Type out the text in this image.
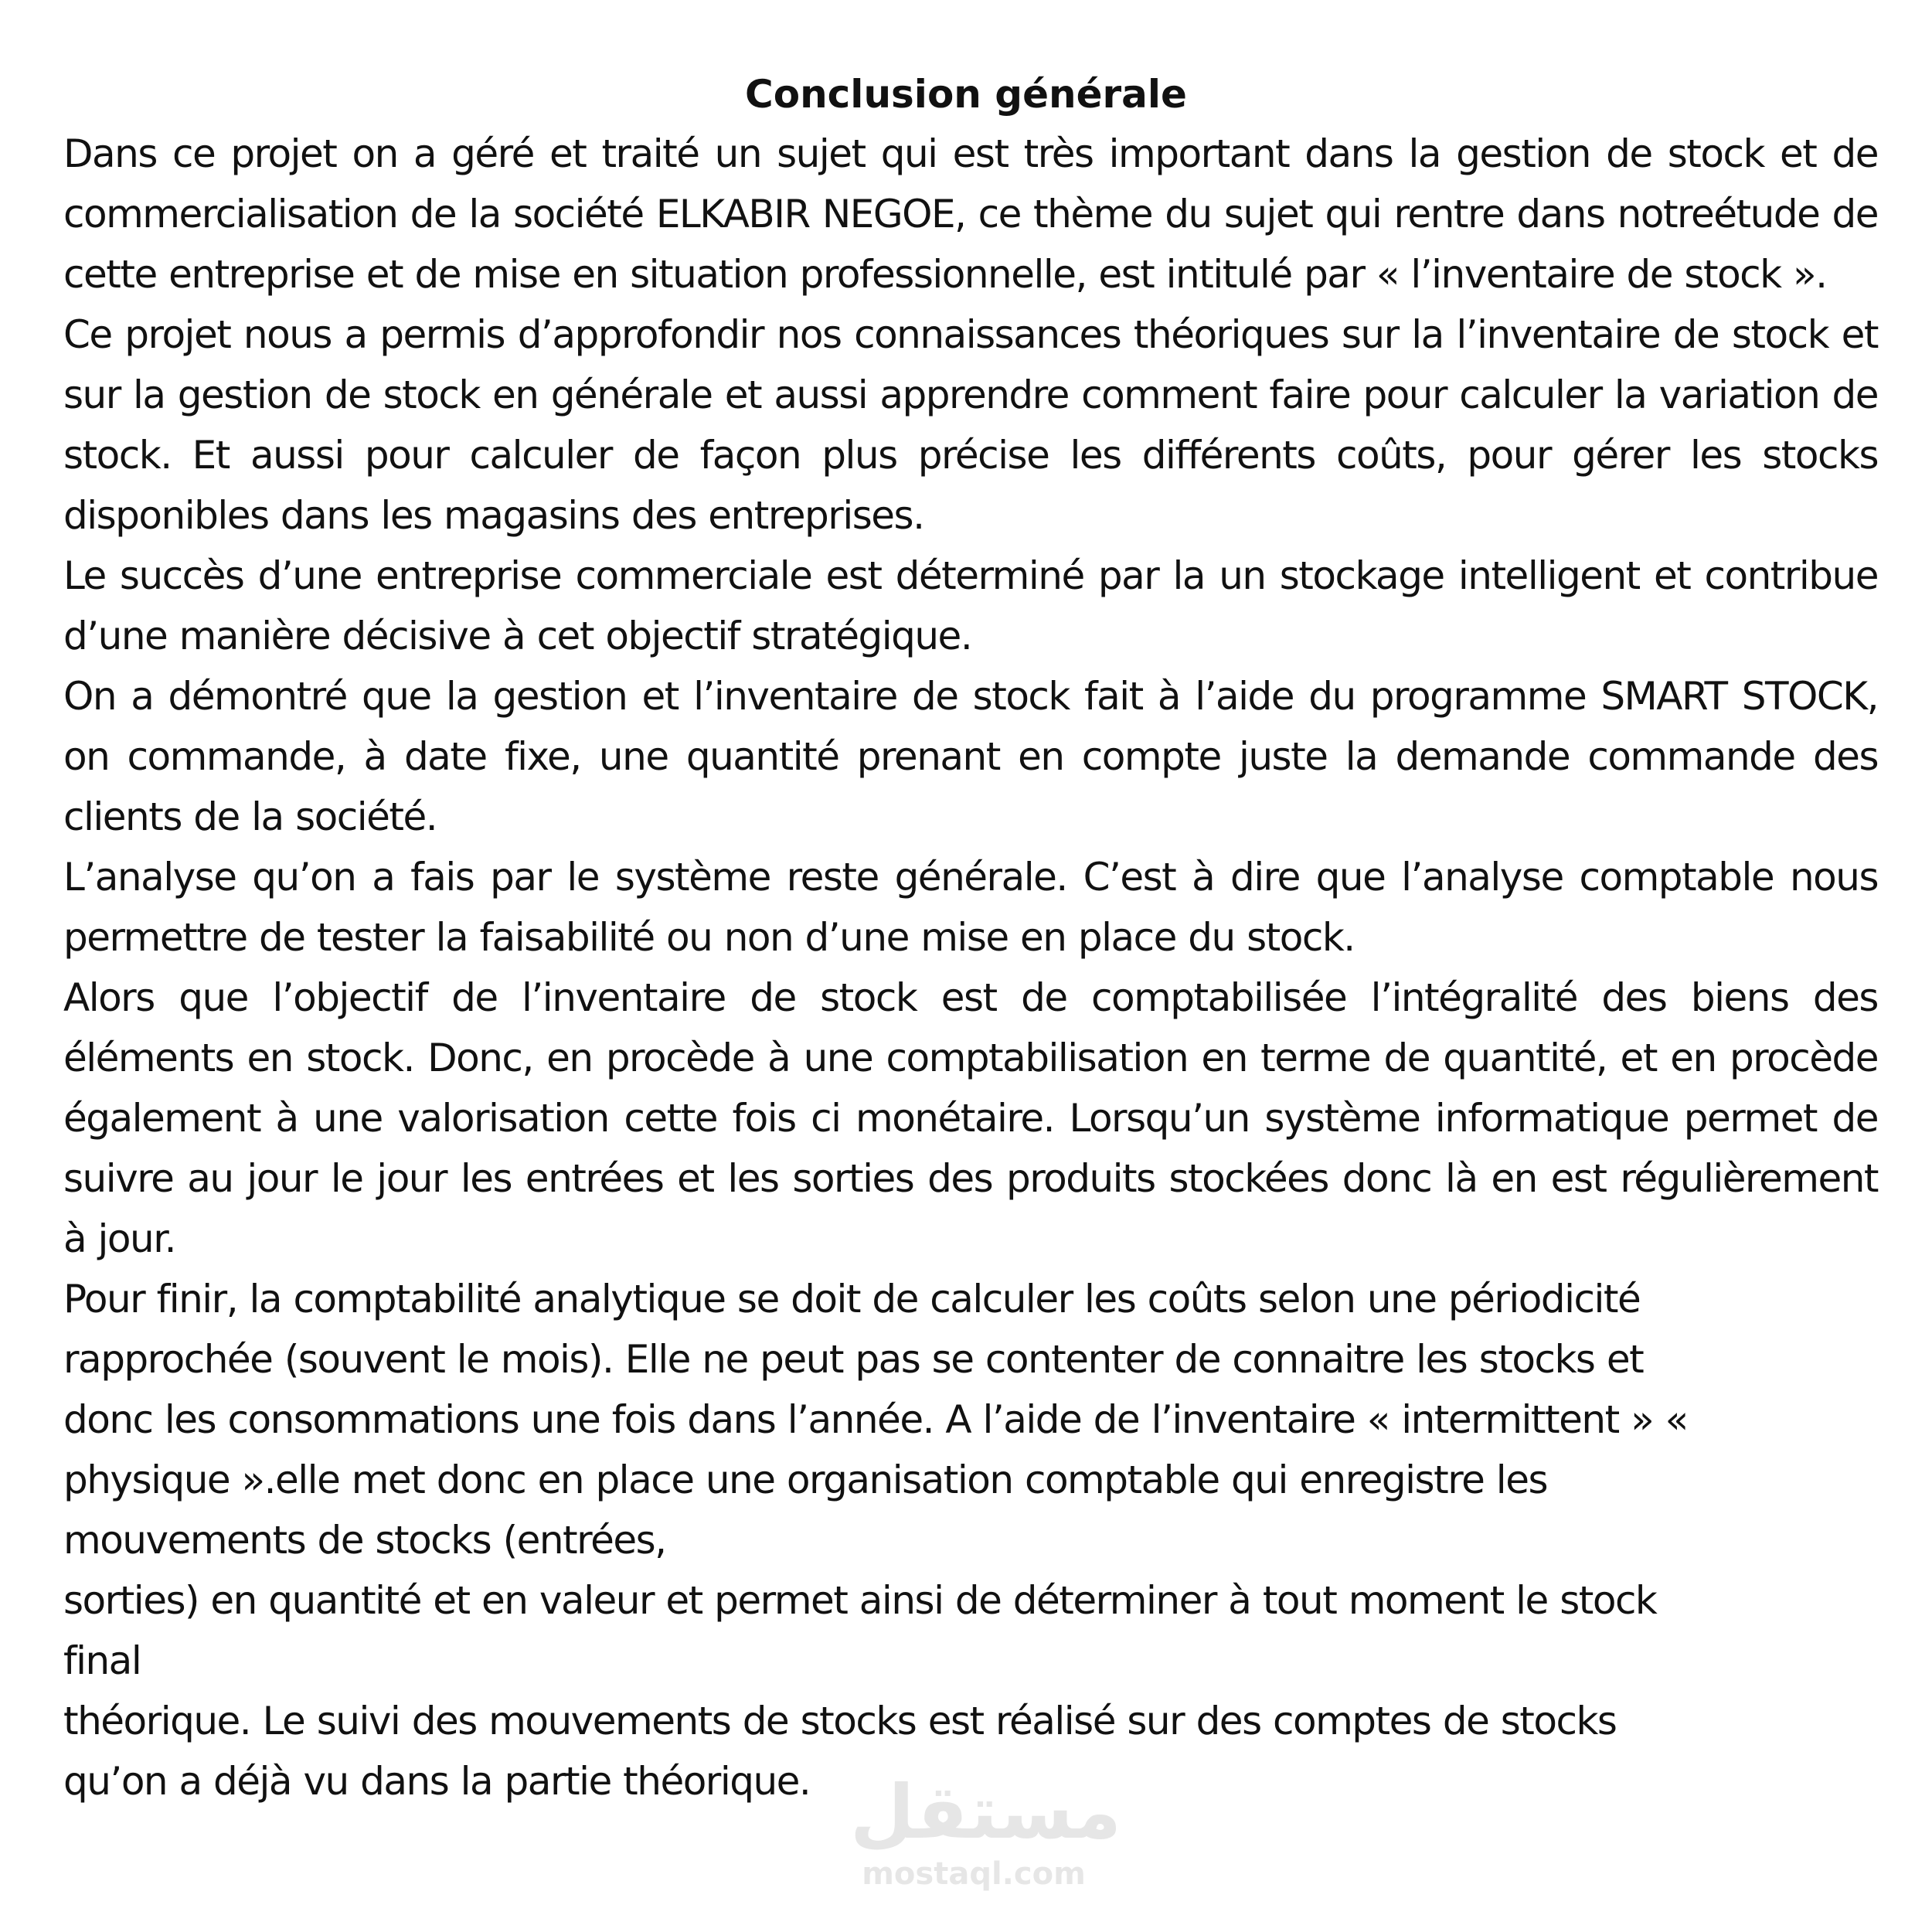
Conclusion générale

Dans ce projet on a géré et traité un sujet qui est très important dans la gestion de stock et de commercialisation de la société ELKABIR NEGOE, ce thème du sujet qui rentre dans notreétude de cette entreprise et de mise en situation professionnelle, est intitulé par « l’inventaire de stock ».

Ce projet nous a permis d’approfondir nos connaissances théoriques sur la l’inventaire de stock et sur la gestion de stock en générale et aussi apprendre comment faire pour calculer la variation de stock. Et aussi pour calculer de façon plus précise les différents coûts, pour gérer les stocks disponibles dans les magasins des entreprises.

Le succès d’une entreprise commerciale est déterminé par la un stockage intelligent et contribue d’une manière décisive à cet objectif stratégique.

On a démontré que la gestion et l’inventaire de stock fait à l’aide du programme SMART STOCK, on commande, à date fixe, une quantité prenant en compte juste la demande commande des clients de la société.

L’analyse qu’on a fais par le système reste générale. C’est à dire que l’analyse comptable nous permettre de tester la faisabilité ou non d’une mise en place du stock.

Alors que l’objectif de l’inventaire de stock est de comptabilisée l’intégralité des biens des éléments en stock. Donc, en procède à une comptabilisation en terme de quantité, et en procède également à une valorisation cette fois ci monétaire. Lorsqu’un système informatique permet de suivre au jour le jour les entrées et les sorties des produits stockées donc là en est régulièrement à jour.

Pour finir, la comptabilité analytique se doit de calculer les coûts selon une périodicité
rapprochée (souvent le mois). Elle ne peut pas se contenter de connaitre les stocks et
donc les consommations une fois dans l’année. A l’aide de l’inventaire « intermittent » «
physique ».elle met donc en place une organisation comptable qui enregistre les
mouvements de stocks (entrées,
sorties) en quantité et en valeur et permet ainsi de déterminer à tout moment le stock
final
théorique. Le suivi des mouvements de stocks est réalisé sur des comptes de stocks
qu’on a déjà vu dans la partie théorique. مستقل
mostaql.com
